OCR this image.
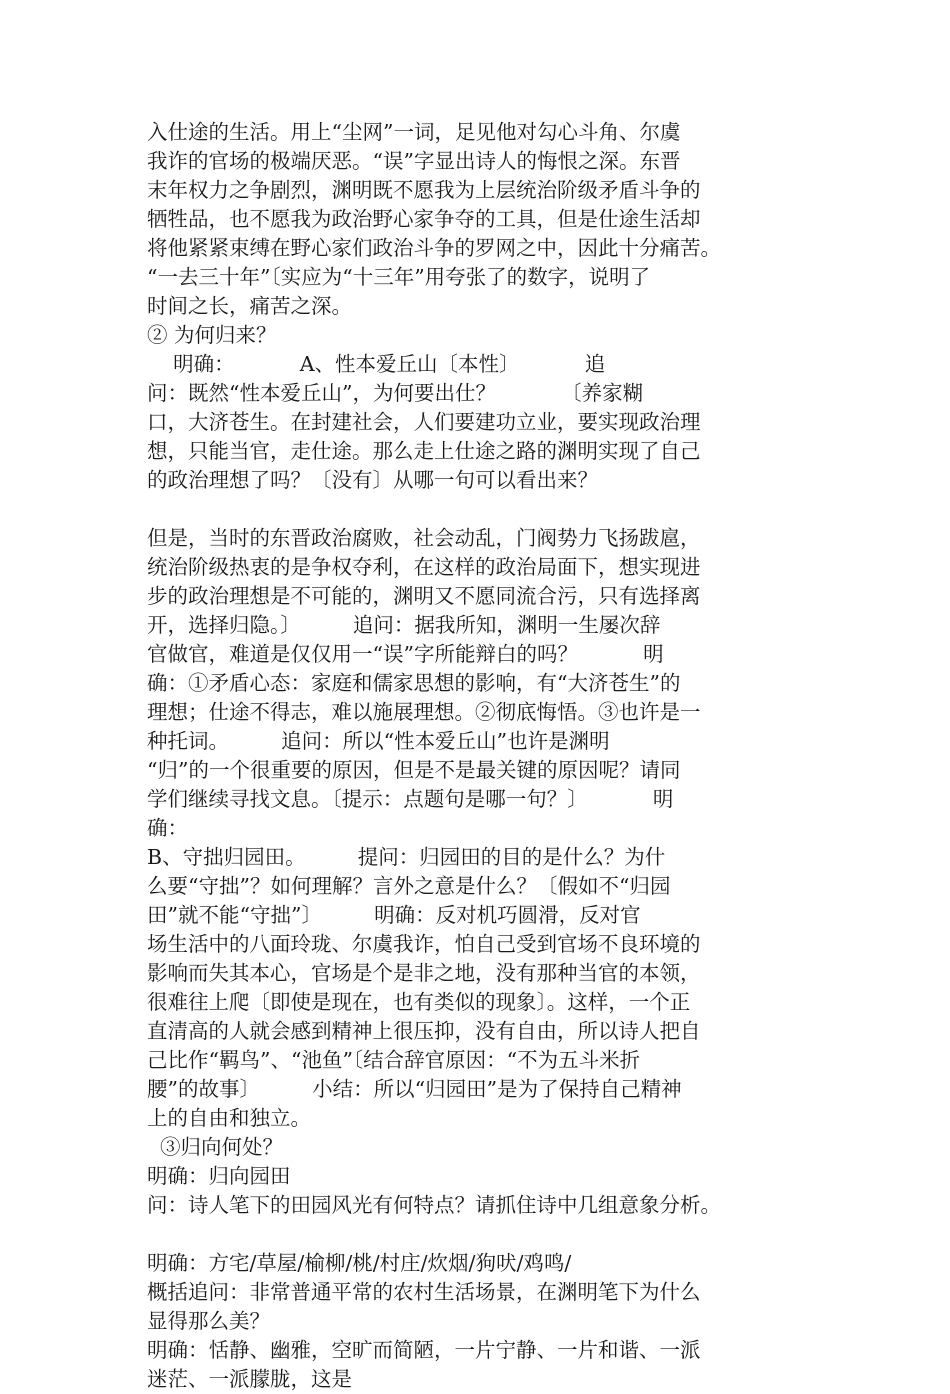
入仕途的生活。用上“尘网”一词，足见他对勾心斗角、尔虞
我诈的官场的极端厌恶。“误”字显出诗人的悔恨之深。东晋
末年权力之争剧烈，渊明既不愿我为上层统治阶级矛盾斗争的
牺牲品，也不愿我为政治野心家争夺的工具，但是仕途生活却
将他紧紧束缚在野心家们政治斗争的罗网之中，因此十分痛苦。
“一去三十年”〔实应为“十三年”用夸张了的数字，说明了
时间之长，痛苦之深。
② 为何归来？
明确：          A、性本爱丘山〔本性〕          追
问：既然“性本爱丘山”，为何要出仕？          〔养家糊
口，大济苍生。在封建社会，人们要建功立业，要实现政治理
想，只能当官，走仕途。那么走上仕途之路的渊明实现了自己
的政治理想了吗？〔没有〕从哪一句可以看出来？
但是，当时的东晋政治腐败，社会动乱，门阀势力飞扬跋扈，
统治阶级热衷的是争权夺利，在这样的政治局面下，想实现进
步的政治理想是不可能的，渊明又不愿同流合污，只有选择离
开，选择归隐。〕        追问：据我所知，渊明一生屡次辞
官做官，难道是仅仅用一“误”字所能辩白的吗？          明
确：①矛盾心态：家庭和儒家思想的影响，有“大济苍生”的
理想；仕途不得志，难以施展理想。②彻底悔悟。③也许是一
种托词。        追问：所以“性本爱丘山”也许是渊明
“归”的一个很重要的原因，但是不是最关键的原因呢？请同
学们继续寻找文息。〔提示：点题句是哪一句？〕          明
确：
B、守拙归园田。        提问：归园田的目的是什么？为什
么要“守拙”？如何理解？言外之意是什么？〔假如不“归园
田”就不能“守拙”〕        明确：反对机巧圆滑，反对官
场生活中的八面玲珑、尔虞我诈，怕自己受到官场不良环境的
影响而失其本心，官场是个是非之地，没有那种当官的本领，
很难往上爬〔即使是现在，也有类似的现象〕。这样，一个正
直清高的人就会感到精神上很压抑，没有自由，所以诗人把自
己比作“羁鸟”、“池鱼”〔结合辞官原因：“不为五斗米折
腰”的故事〕        小结：所以“归园田”是为了保持自己精神
上的自由和独立。
③归向何处？
明确：归向园田
问：诗人笔下的田园风光有何特点？请抓住诗中几组意象分析。
明确：方宅/草屋/榆柳/桃/村庄/炊烟/狗吠/鸡鸣/
概括追问：非常普通平常的农村生活场景，在渊明笔下为什么
显得那么美？
明确：恬静、幽雅，空旷而简陋，一片宁静、一片和谐、一派
迷茫、一派朦胧，这是
